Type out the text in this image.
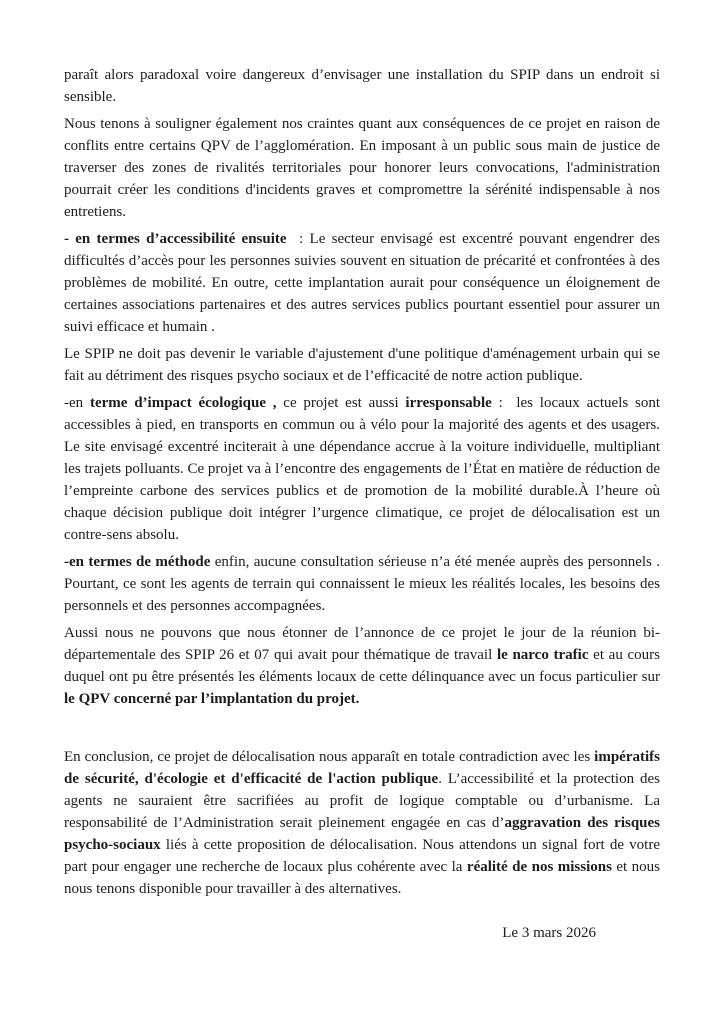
paraît alors paradoxal voire dangereux d’envisager une installation du SPIP dans un endroit si sensible.

Nous tenons à souligner également nos craintes quant aux conséquences de ce projet en raison de conflits entre certains QPV de l’agglomération. En imposant à un public sous main de justice de traverser des zones de rivalités territoriales pour honorer leurs convocations, l'administration pourrait créer les conditions d'incidents graves et compromettre la sérénité indispensable à nos entretiens.

- en termes d’accessibilité ensuite  : Le secteur envisagé est excentré pouvant engendrer des difficultés d’accès pour les personnes suivies souvent en situation de précarité et confrontées à des problèmes de mobilité. En outre, cette implantation aurait pour conséquence un éloignement de certaines associations partenaires et des autres services publics pourtant essentiel pour assurer un suivi efficace et humain .

Le SPIP ne doit pas devenir le variable d'ajustement d'une politique d'aménagement urbain qui se fait au détriment des risques psycho sociaux et de l’efficacité de notre action publique.

-en terme d’impact écologique , ce projet est aussi irresponsable :  les locaux actuels sont accessibles à pied, en transports en commun ou à vélo pour la majorité des agents et des usagers. Le site envisagé excentré inciterait à une dépendance accrue à la voiture individuelle, multipliant les trajets polluants. Ce projet va à l’encontre des engagements de l’État en matière de réduction de l’empreinte carbone des services publics et de promotion de la mobilité durable.À l’heure où chaque décision publique doit intégrer l’urgence climatique, ce projet de délocalisation est un contre-sens absolu.

-en termes de méthode enfin, aucune consultation sérieuse n’a été menée auprès des personnels . Pourtant, ce sont les agents de terrain qui connaissent le mieux les réalités locales, les besoins des personnels et des personnes accompagnées.

Aussi nous ne pouvons que nous étonner de l’annonce de ce projet le jour de la réunion bi-départementale des SPIP 26 et 07 qui avait pour thématique de travail le narco trafic et au cours duquel ont pu être présentés les éléments locaux de cette délinquance avec un focus particulier sur le QPV concerné par l’implantation du projet.

En conclusion, ce projet de délocalisation nous apparaît en totale contradiction avec les impératifs de sécurité, d'écologie et d'efficacité de l'action publique. L’accessibilité et la protection des agents ne sauraient être sacrifiées au profit de logique comptable ou d’urbanisme. La responsabilité de l’Administration serait pleinement engagée en cas d’aggravation des risques psycho-sociaux liés à cette proposition de délocalisation. Nous attendons un signal fort de votre part pour engager une recherche de locaux plus cohérente avec la réalité de nos missions et nous nous tenons disponible pour travailler à des alternatives.

Le 3 mars 2026
